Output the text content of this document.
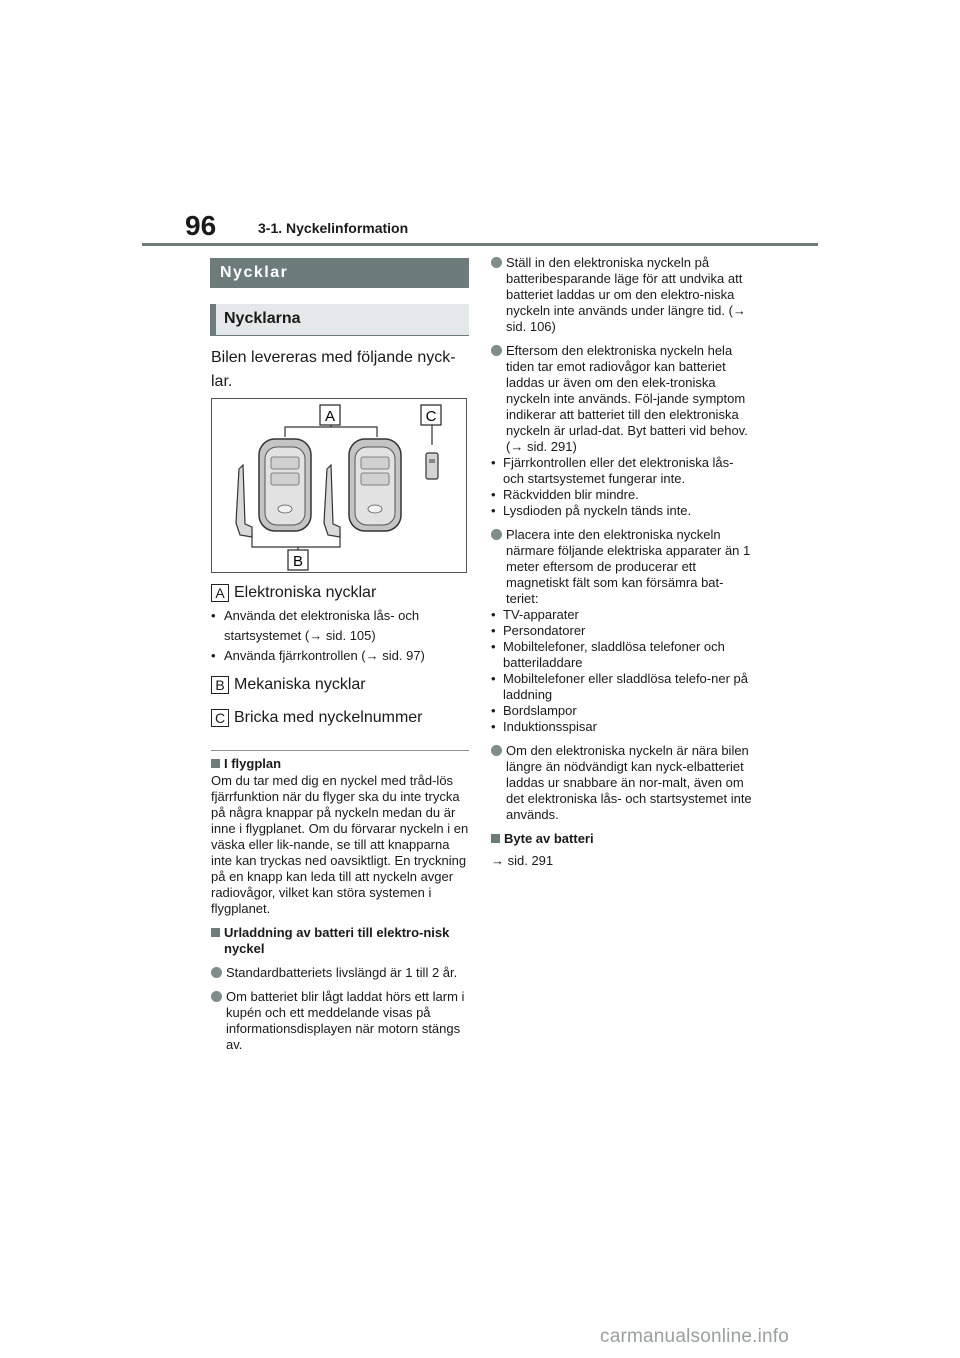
96	3-1. Nyckelinformation
Nycklar
Nycklarna
Bilen levereras med följande nyck-lar.
A	C
B
A Elektroniska nycklar
• Använda det elektroniska lås- och startsystemet (→ sid. 105)
• Använda fjärrkontrollen (→ sid. 97)
B Mekaniska nycklar
C Bricka med nyckelnummer
I flygplan
Om du tar med dig en nyckel med tråd-lös fjärrfunktion när du flyger ska du inte trycka på några knappar på nyckeln medan du är inne i flygplanet. Om du förvarar nyckeln i en väska eller lik-nande, se till att knapparna inte kan tryckas ned oavsiktligt. En tryckning på en knapp kan leda till att nyckeln avger radiovågor, vilket kan störa systemen i flygplanet.
Urladdning av batteri till elektro-nisk nyckel
Standardbatteriets livslängd är 1 till 2 år.
Om batteriet blir lågt laddat hörs ett larm i kupén och ett meddelande visas på informationsdisplayen när motorn stängs av.
Ställ in den elektroniska nyckeln på batteribesparande läge för att undvika att batteriet laddas ur om den elektro-niska nyckeln inte används under längre tid. (→ sid. 106)
Eftersom den elektroniska nyckeln hela tiden tar emot radiovågor kan batteriet laddas ur även om den elek-troniska nyckeln inte används. Föl-jande symptom indikerar att batteriet till den elektroniska nyckeln är urlad-dat. Byt batteri vid behov. (→ sid. 291)
• Fjärrkontrollen eller det elektroniska lås- och startsystemet fungerar inte.
• Räckvidden blir mindre.
• Lysdioden på nyckeln tänds inte.
Placera inte den elektroniska nyckeln närmare följande elektriska apparater än 1 meter eftersom de producerar ett magnetiskt fält som kan försämra bat-teriet:
• TV-apparater
• Persondatorer
• Mobiltelefoner, sladdlösa telefoner och batteriladdare
• Mobiltelefoner eller sladdlösa telefo-ner på laddning
• Bordslampor
• Induktionsspisar
Om den elektroniska nyckeln är nära bilen längre än nödvändigt kan nyck-elbatteriet laddas ur snabbare än nor-malt, även om det elektroniska lås- och startsystemet inte används.
Byte av batteri
→ sid. 291
carmanualsonline.info
